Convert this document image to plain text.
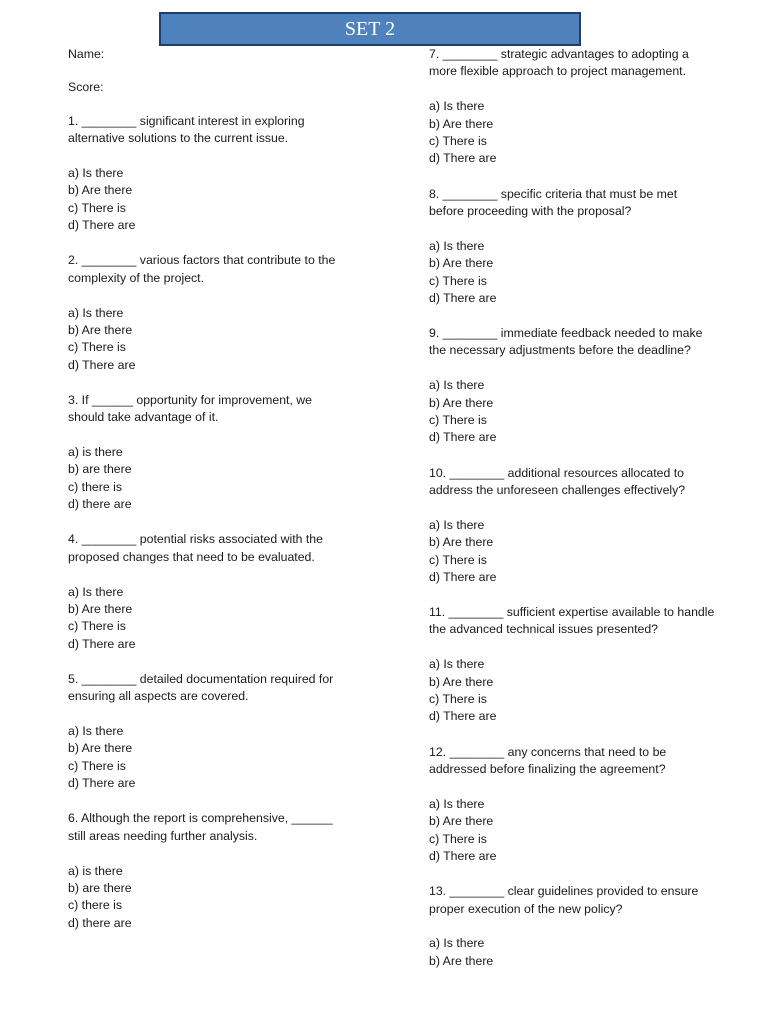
SET 2
Name:
Score:
1. ________ significant interest in exploring
alternative solutions to the current issue.
a) Is there
b) Are there
c) There is
d) There are
2. ________ various factors that contribute to the
complexity of the project.
a) Is there
b) Are there
c) There is
d) There are
3. If ______ opportunity for improvement, we
should take advantage of it.
a) is there
b) are there
c) there is
d) there are
4. ________ potential risks associated with the
proposed changes that need to be evaluated.
a) Is there
b) Are there
c) There is
d) There are
5. ________ detailed documentation required for
ensuring all aspects are covered.
a) Is there
b) Are there
c) There is
d) There are
6. Although the report is comprehensive, ______
still areas needing further analysis.
a) is there
b) are there
c) there is
d) there are
7. ________ strategic advantages to adopting a
more flexible approach to project management.
a) Is there
b) Are there
c) There is
d) There are
8. ________ specific criteria that must be met
before proceeding with the proposal?
a) Is there
b) Are there
c) There is
d) There are
9. ________ immediate feedback needed to make
the necessary adjustments before the deadline?
a) Is there
b) Are there
c) There is
d) There are
10. ________ additional resources allocated to
address the unforeseen challenges effectively?
a) Is there
b) Are there
c) There is
d) There are
11. ________ sufficient expertise available to handle
the advanced technical issues presented?
a) Is there
b) Are there
c) There is
d) There are
12. ________ any concerns that need to be
addressed before finalizing the agreement?
a) Is there
b) Are there
c) There is
d) There are
13. ________ clear guidelines provided to ensure
proper execution of the new policy?
a) Is there
b) Are there
